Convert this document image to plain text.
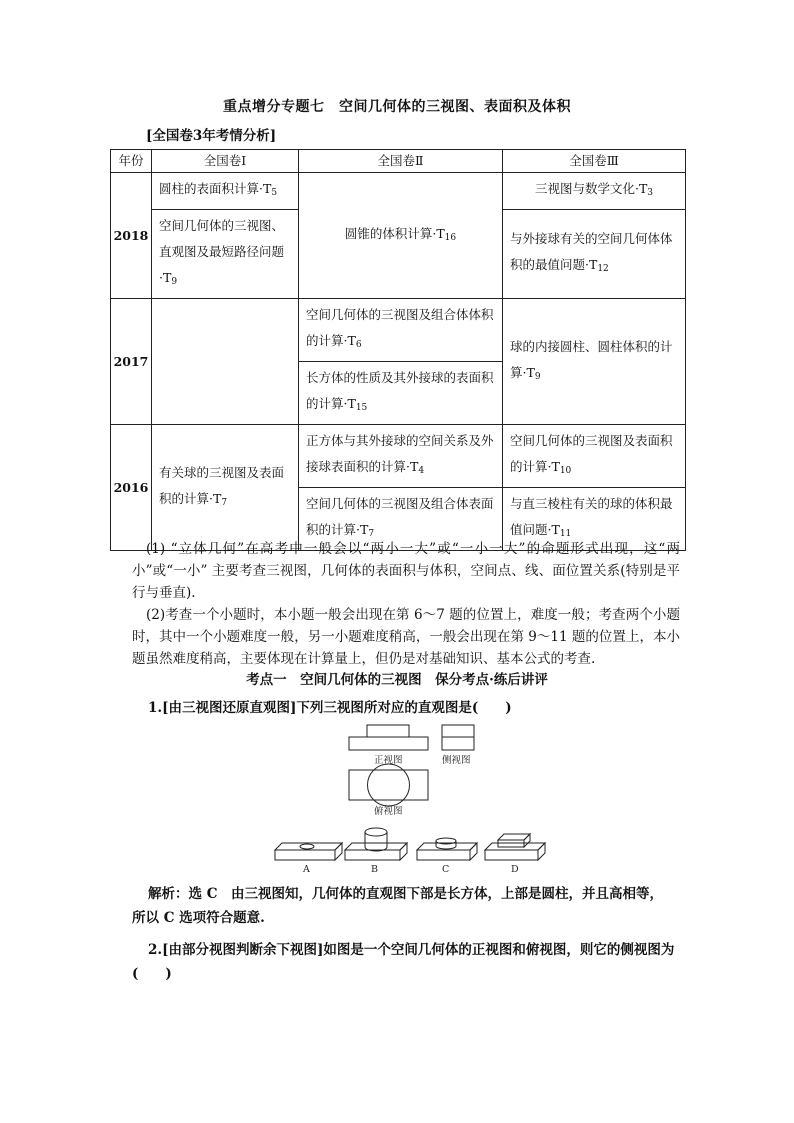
重点增分专题七　空间几何体的三视图、表面积及体积
[全国卷3年考情分析]
年份	全国卷Ⅰ	全国卷Ⅱ	全国卷Ⅲ
2018	圆柱的表面积计算$\cdot T_5$	圆锥的体积计算$\cdot T_{16}$	三视图与数学文化$\cdot T_3$
	空间几何体的三视图、直观图及最短路径问题$\cdot T_9$		与外接球有关的空间几何体体积的最值问题$\cdot T_{12}$
2017		空间几何体的三视图及组合体体积的计算$\cdot T_6$	球的内接圆柱、圆柱体积的计算$\cdot T_9$
		长方体的性质及其外接球的表面积的计算$\cdot T_{15}$
2016	有关球的三视图及表面积的计算$\cdot T_7$	正方体与其外接球的空间关系及外接球表面积的计算$\cdot T_4$	空间几何体的三视图及表面积的计算$\cdot T_{10}$
		空间几何体的三视图及组合体表面积的计算$\cdot T_7$	与直三棱柱有关的球的体积最值问题$\cdot T_{11}$
(1) “立体几何”在高考中一般会以“两小一大”或“一小一大”的命题形式出现，这“两小”或“一小” 主要考查三视图，几何体的表面积与体积，空间点、线、面位置关系(特别是平行与垂直).
(2)考查一个小题时，本小题一般会出现在第 6～7 题的位置上，难度一般；考查两个小题时，其中一个小题难度一般，另一小题难度稍高，一般会出现在第 9～11 题的位置上，本小题虽然难度稍高，主要体现在计算量上，但仍是对基础知识、基本公式的考查.
考点一　空间几何体的三视图　保分考点·练后讲评
1.[由三视图还原直观图]下列三视图所对应的直观图是(　　)
正视图	侧视图
俯视图
A	B	C	D
解析：选 C　由三视图知，几何体的直观图下部是长方体，上部是圆柱，并且高相等，
所以 C 选项符合题意.
2.[由部分视图判断余下视图]如图是一个空间几何体的正视图和俯视图，则它的侧视图为(　　)
